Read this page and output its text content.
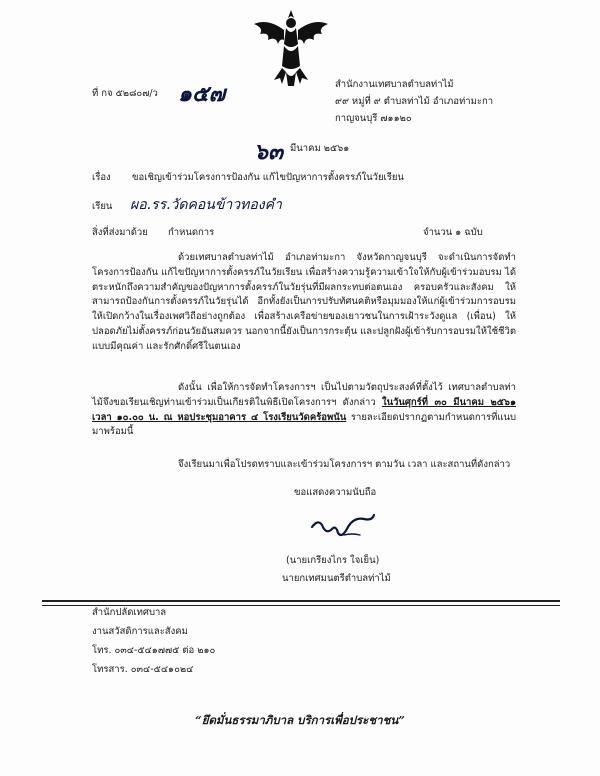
ที่ กจ ๕๒๘๐๗/ว ๑๕๗	สำนักงานเทศบาลตำบลท่าไม้
๙๙ หมู่ที่ ๙ ตำบลท่าไม้ อำเภอท่ามะกา
กาญจนบุรี ๗๑๑๒๐
๖๓ มีนาคม ๒๕๖๑
เรื่อง ขอเชิญเข้าร่วมโครงการป้องกัน แก้ไขปัญหาการตั้งครรภ์ในวัยเรียน
เรียน ผอ.รร.วัดคอนข้าวทองคำ
สิ่งที่ส่งมาด้วย กำหนดการ	จำนวน ๑ ฉบับ
ด้วยเทศบาลตำบลท่าไม้ อำเภอท่ามะกา จังหวัดกาญจนบุรี จะดำเนินการจัดทำโครงการป้องกัน แก้ไขปัญหาการตั้งครรภ์ในวัยเรียน เพื่อสร้างความรู้ความเข้าใจให้กับผู้เข้าร่วมอบรม ได้ตระหนักถึงความสำคัญของปัญหาการตั้งครรภ์ในวัยรุ่นที่มีผลกระทบต่อตนเอง ครอบครัวและสังคม ให้สามารถป้องกันการตั้งครรภ์ในวัยรุ่นได้ อีกทั้งยังเป็นการปรับทัศนคติหรือมุมมองให้แก่ผู้เข้าร่วมการอบรม ให้เปิดกว้างในเรื่องเพศวิถีอย่างถูกต้อง เพื่อสร้างเครือข่ายของเยาวชนในการเฝ้าระวังดูแล (เพื่อน) ให้ปลอดภัยไม่ตั้งครรภ์ก่อนวัยอันสมควร นอกจากนี้ยังเป็นการกระตุ้น และปลูกฝังผู้เข้ารับการอบรมให้ใช้ชีวิตแบบมีคุณค่า และรักศักดิ์ศรีในตนเอง
ดังนั้น เพื่อให้การจัดทำโครงการฯ เป็นไปตามวัตถุประสงค์ที่ตั้งไว้ เทศบาลตำบลท่าไม้จึงขอเรียนเชิญท่านเข้าร่วมเป็นเกียรติในพิธีเปิดโครงการฯ ดังกล่าว ในวันศุกร์ที่ ๓๐ มีนาคม ๒๕๖๑ เวลา ๑๐.๐๐ น. ณ หอประชุมอาคาร ๔ โรงเรียนวัดคร้อพนัน รายละเอียดปรากฏตามกำหนดการที่แนบมาพร้อมนี้
จึงเรียนมาเพื่อโปรดทราบและเข้าร่วมโครงการฯ ตามวัน เวลา และสถานที่ดังกล่าว
ขอแสดงความนับถือ
(นายเกรียงไกร ใจเย็น)
นายกเทศมนตรีตำบลท่าไม้
สำนักปลัดเทศบาล
งานสวัสดิการและสังคม
โทร. ๐๓๔-๕๔๑๗๗๕ ต่อ ๒๑๐
โทรสาร. ๐๓๔-๕๔๑๐๒๔
“ยึดมั่นธรรมาภิบาล บริการเพื่อประชาชน”
